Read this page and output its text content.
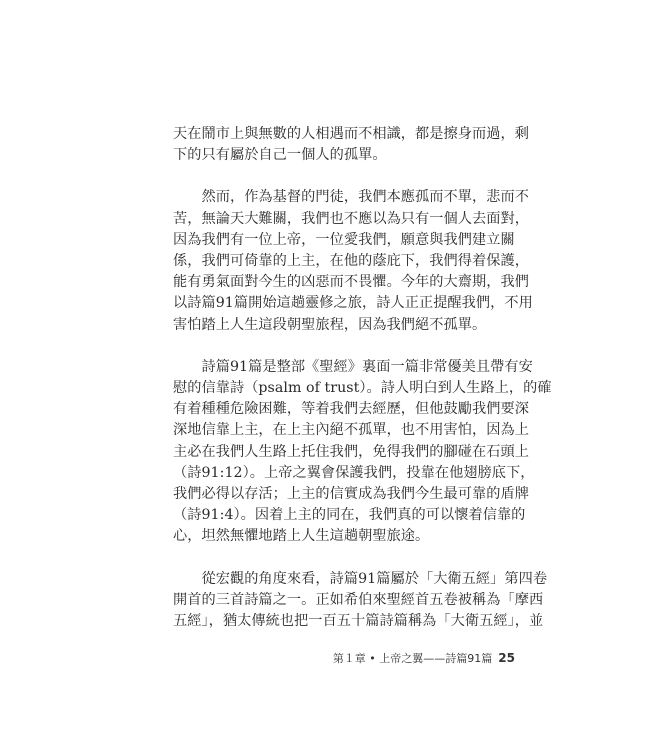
天在鬧市上與無數的人相遇而不相識，都是擦身而過，剩
下的只有屬於自己一個人的孤單。

　　然而，作為基督的門徒，我們本應孤而不單，悲而不
苦，無論天大難關，我們也不應以為只有一個人去面對，
因為我們有一位上帝，一位愛我們，願意與我們建立關
係，我們可倚靠的上主，在他的蔭庇下，我們得着保護，
能有勇氣面對今生的凶惡而不畏懼。今年的大齋期，我們
以詩篇91篇開始這趟靈修之旅，詩人正正提醒我們，不用
害怕踏上人生這段朝聖旅程，因為我們絕不孤單。

　　詩篇91篇是整部《聖經》裏面一篇非常優美且帶有安
慰的信靠詩（psalm of trust）。詩人明白到人生路上，的確
有着種種危險困難，等着我們去經歷，但他鼓勵我們要深
深地信靠上主，在上主內絕不孤單，也不用害怕，因為上
主必在我們人生路上托住我們，免得我們的腳碰在石頭上
（詩91:12）。上帝之翼會保護我們，投靠在他翅膀底下，
我們必得以存活；上主的信實成為我們今生最可靠的盾牌
（詩91:4）。因着上主的同在，我們真的可以懷着信靠的
心，坦然無懼地踏上人生這趟朝聖旅途。

　　從宏觀的角度來看，詩篇91篇屬於「大衛五經」第四卷
開首的三首詩篇之一。正如希伯來聖經首五卷被稱為「摩西
五經」，猶太傳統也把一百五十篇詩篇稱為「大衛五經」，並

第１章 • 上帝之翼——詩篇91篇 25
